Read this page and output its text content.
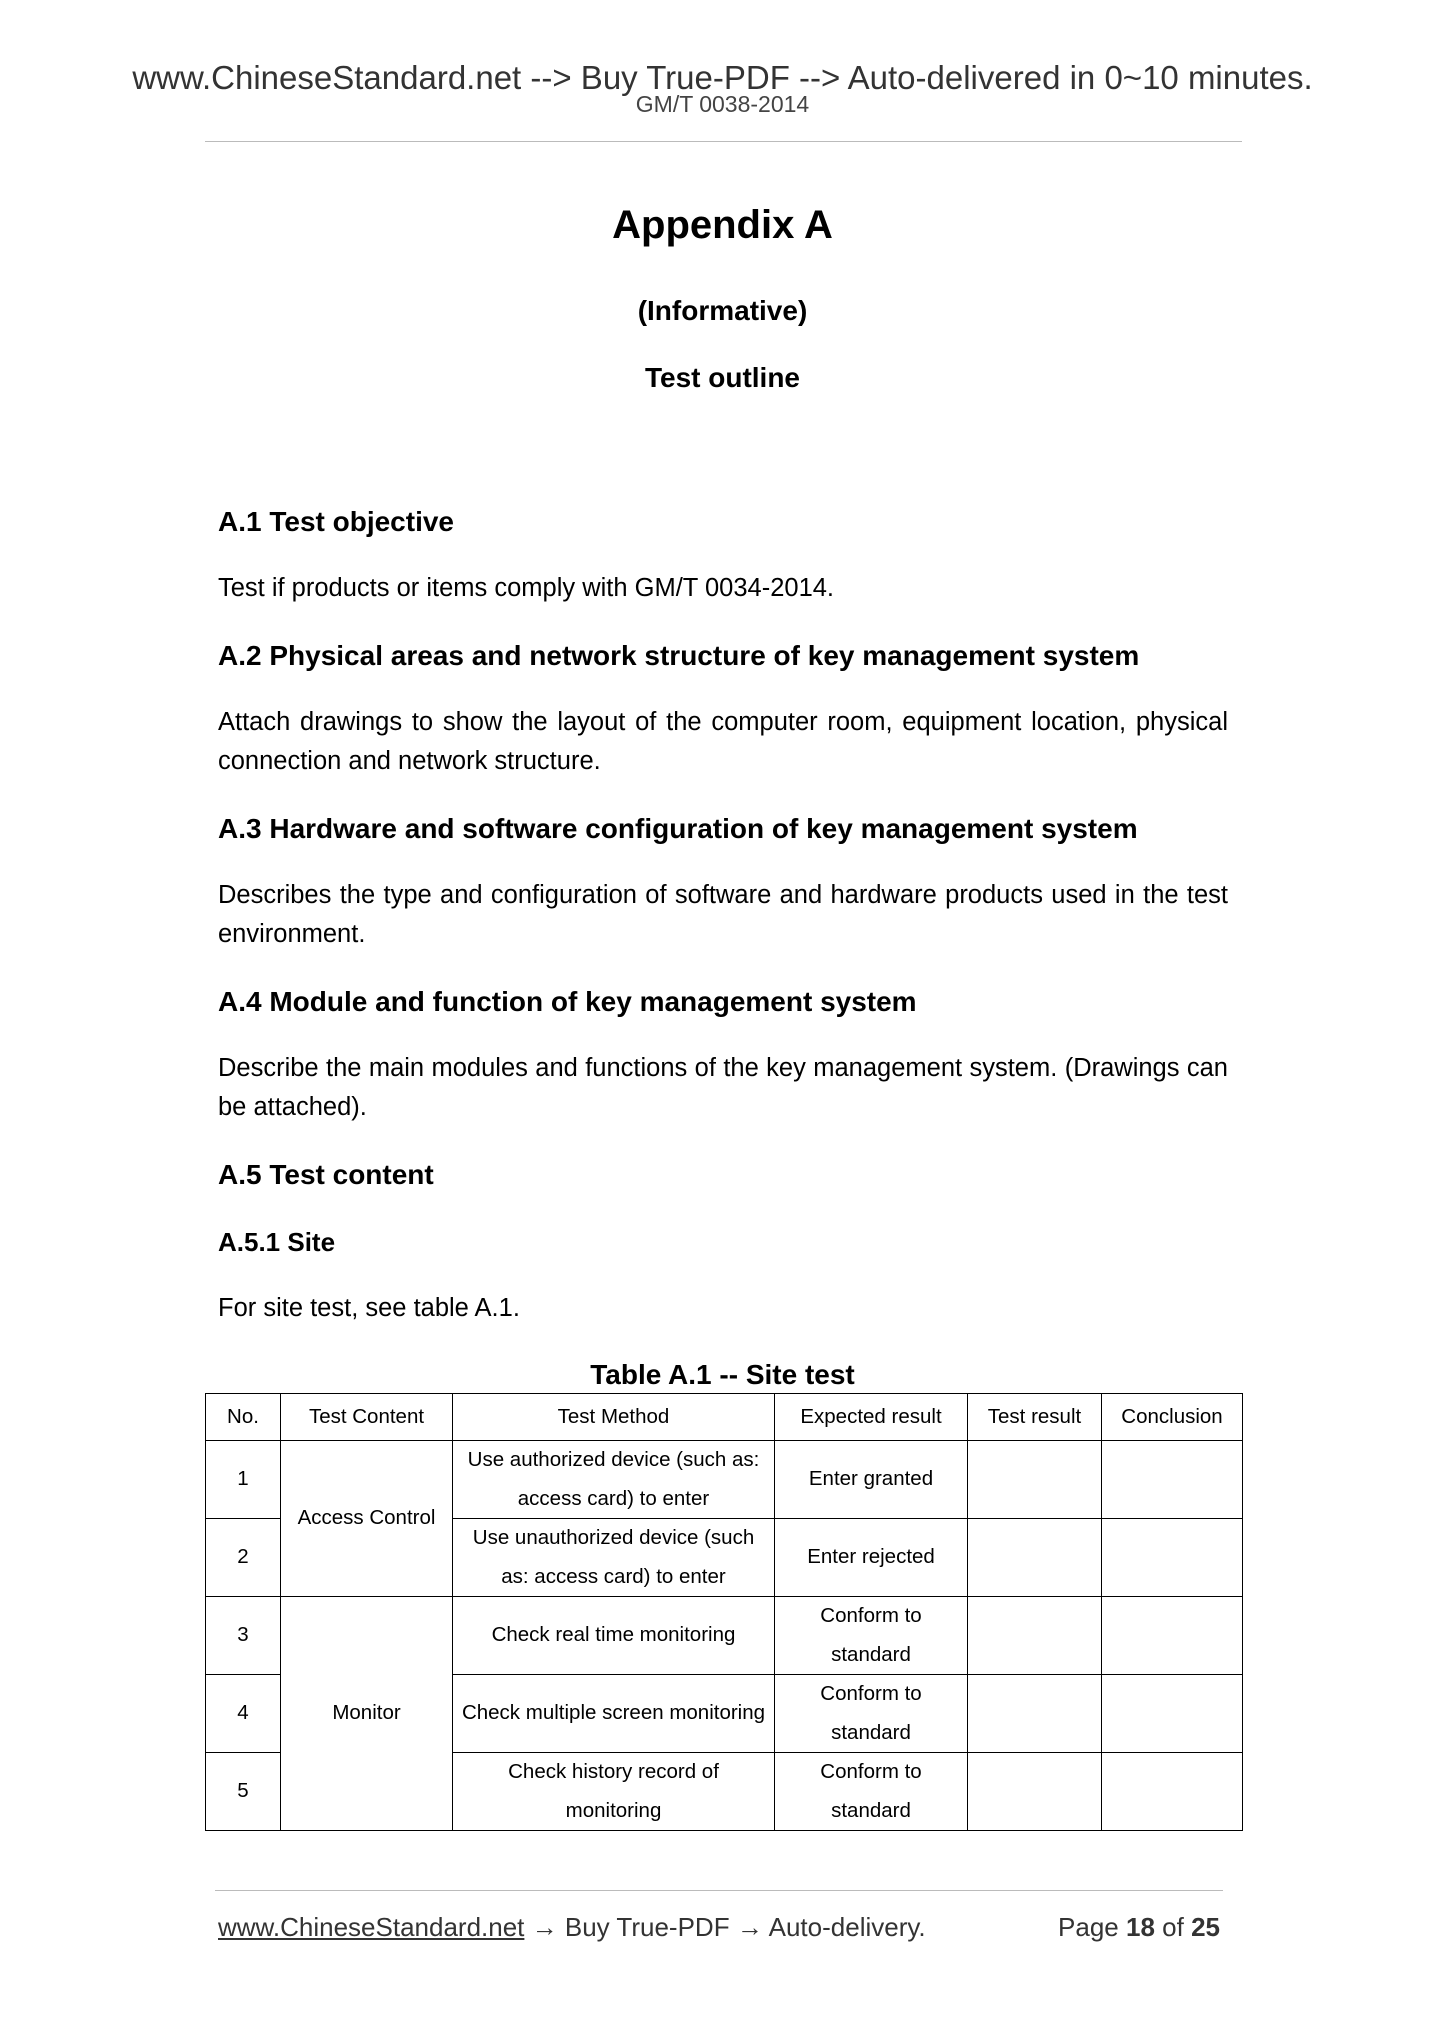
www.ChineseStandard.net --> Buy True-PDF --> Auto-delivered in 0~10 minutes.
GM/T 0038-2014
Appendix A
(Informative)
Test outline
A.1 Test objective
Test if products or items comply with GM/T 0034-2014.
A.2 Physical areas and network structure of key management system
Attach drawings to show the layout of the computer room, equipment location, physical connection and network structure.
A.3 Hardware and software configuration of key management system
Describes the type and configuration of software and hardware products used in the test environment.
A.4 Module and function of key management system
Describe the main modules and functions of the key management system. (Drawings can be attached).
A.5 Test content
A.5.1 Site
For site test, see table A.1.
Table A.1 -- Site test
No.	Test Content	Test Method	Expected result	Test result	Conclusion
1	Access Control	Use authorized device (such as: access card) to enter	Enter granted		
2		Use unauthorized device (such as: access card) to enter	Enter rejected		
3	Monitor	Check real time monitoring	Conform to standard		
4		Check multiple screen monitoring	Conform to standard		
5		Check history record of monitoring	Conform to standard		
www.ChineseStandard.net → Buy True-PDF → Auto-delivery.	Page 18 of 25
